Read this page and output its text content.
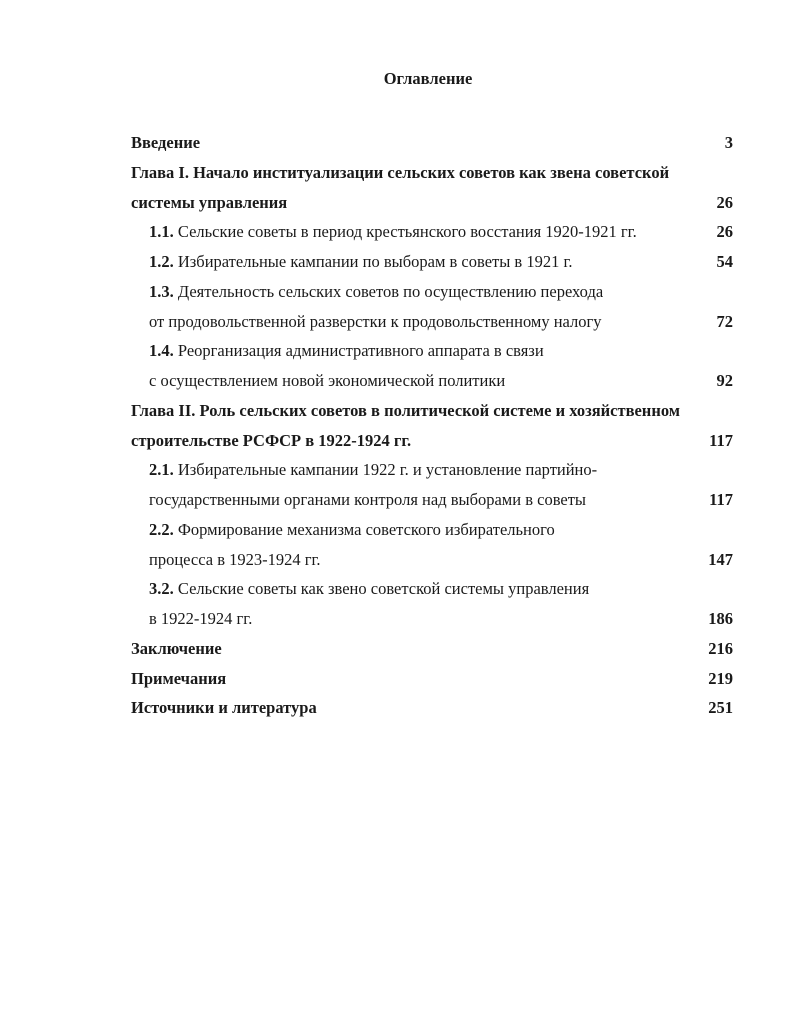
Оглавление
Введение	3
Глава I. Начало институализации сельских советов как звена советской
системы управления	26
1.1. Сельские советы в период крестьянского восстания 1920-1921 гг.	26
1.2. Избирательные кампании по выборам в советы в 1921 г.	54
1.3. Деятельность сельских советов по осуществлению перехода
от продовольственной разверстки к продовольственному налогу	72
1.4. Реорганизация административного аппарата в связи
с осуществлением новой экономической политики	92
Глава II. Роль сельских советов в политической системе и хозяйственном
строительстве РСФСР в 1922-1924 гг.	117
2.1. Избирательные кампании 1922 г. и установление партийно-
государственными органами контроля над выборами в советы	117
2.2. Формирование механизма советского избирательного
процесса в 1923-1924 гг.	147
3.2. Сельские советы как звено советской системы управления
в 1922-1924 гг.	186
Заключение	216
Примечания	219
Источники и литература	251
